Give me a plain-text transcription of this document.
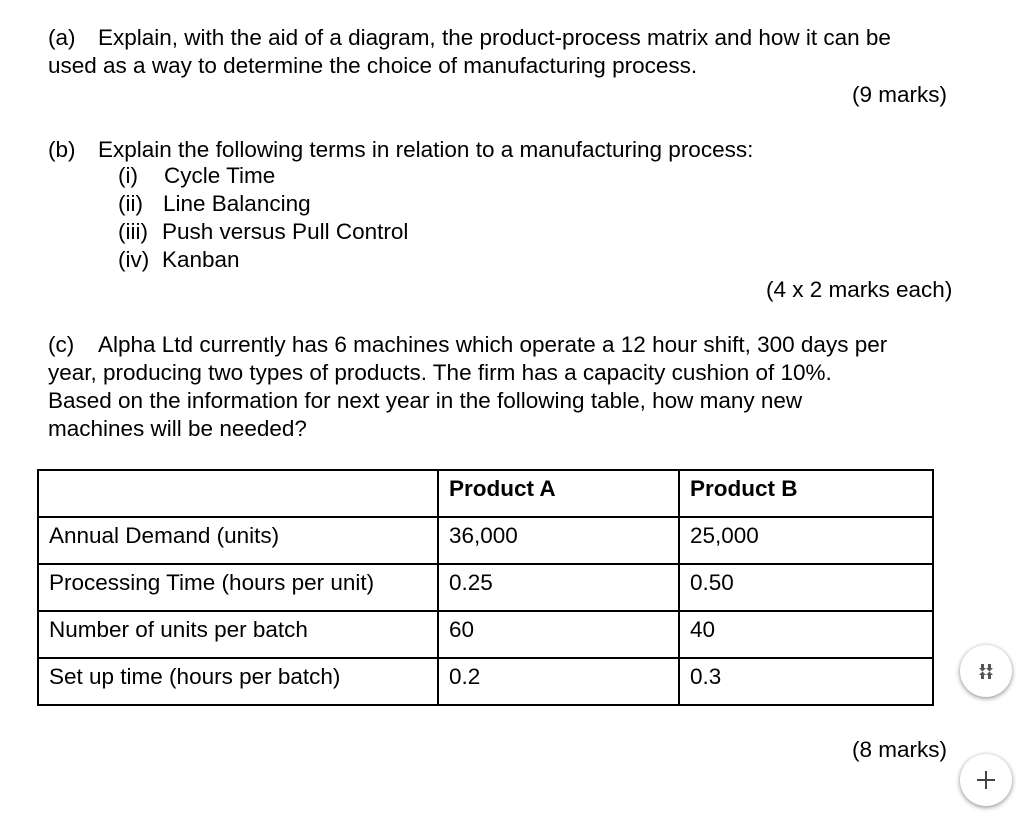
(a) Explain, with the aid of a diagram, the product-process matrix and how it can be
used as a way to determine the choice of manufacturing process.
(9 marks)
(b) Explain the following terms in relation to a manufacturing process:
(i) Cycle Time
(ii) Line Balancing
(iii) Push versus Pull Control
(iv) Kanban
(4 x 2 marks each)
(c) Alpha Ltd currently has 6 machines which operate a 12 hour shift, 300 days per
year, producing two types of products. The firm has a capacity cushion of 10%.
Based on the information for next year in the following table, how many new
machines will be needed?
	Product A	Product B
Annual Demand (units)	36,000	25,000
Processing Time (hours per unit)	0.25	0.50
Number of units per batch	60	40
Set up time (hours per batch)	0.2	0.3
(8 marks)
